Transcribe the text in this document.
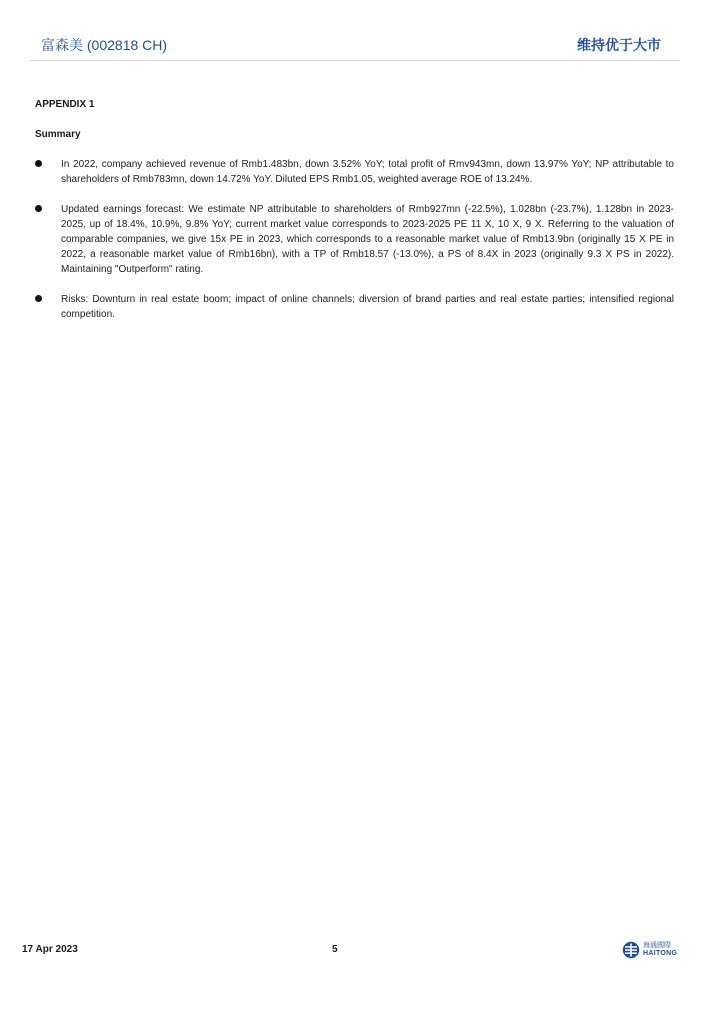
富森美 (002818 CH)	维持优于大市
APPENDIX 1
Summary
In 2022, company achieved revenue of Rmb1.483bn, down 3.52% YoY; total profit of Rmv943mn, down 13.97% YoY; NP attributable to shareholders of Rmb783mn, down 14.72% YoY. Diluted EPS Rmb1.05, weighted average ROE of 13.24%.
Updated earnings forecast: We estimate NP attributable to shareholders of Rmb927mn (-22.5%), 1.028bn (-23.7%), 1.128bn in 2023-2025, up of 18.4%, 10.9%, 9.8% YoY; current market value corresponds to 2023-2025 PE 11 X, 10 X, 9 X. Referring to the valuation of comparable companies, we give 15x PE in 2023, which corresponds to a reasonable market value of Rmb13.9bn (originally 15 X PE in 2022, a reasonable market value of Rmb16bn), with a TP of Rmb18.57 (-13.0%), a PS of 8.4X in 2023 (originally 9.3 X PS in 2022). Maintaining "Outperform" rating.
Risks: Downturn in real estate boom; impact of online channels; diversion of brand parties and real estate parties; intensified regional competition.
17 Apr 2023	5	海通國際
HAITONG
